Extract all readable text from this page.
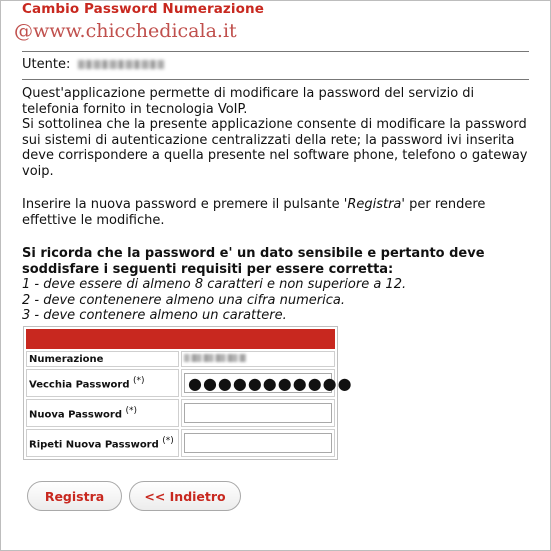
Cambio Password Numerazione
@www.chicchedicala.it
Utente:

Quest'applicazione permette di modificare la password del servizio di telefonia fornito in tecnologia VoIP.

Si sottolinea che la presente applicazione consente di modificare la password sui sistemi di autenticazione centralizzati della rete; la password ivi inserita deve corrispondere a quella presente nel software phone, telefono o gateway voip.

Inserire la nuova password e premere il pulsante 'Registra' per rendere effettive le modifiche.
Si ricorda che la password e' un dato sensibile e pertanto deve soddisfare i seguenti requisiti per essere corretta:
1 - deve essere di almeno 8 caratteri e non superiore a 12.
2 - deve contenenere almeno una cifra numerica.
3 - deve contenere almeno un carattere.

Numerazione	
Vecchia Password (*)	●●●●●●●●●●●

Nuova Password (*)	

Ripeti Nuova Password (*)	
Registra	<< Indietro
